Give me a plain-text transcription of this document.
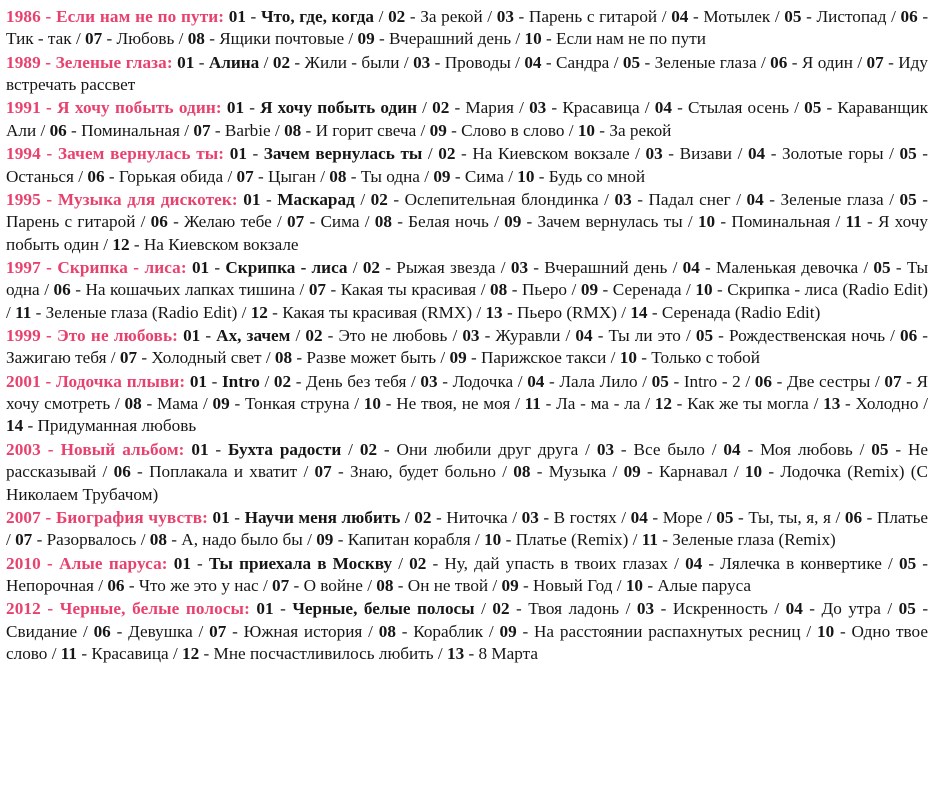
1986 - Если нам не по пути: 01 - Что, где, когда / 02 - За рекой / 03 - Парень с гитарой / 04 - Мотылек / 05 - Листопад / 06 - Тик - так / 07 - Любовь / 08 - Ящики почтовые / 09 - Вчерашний день / 10 - Если нам не по пути
1989 - Зеленые глаза: 01 - Алина / 02 - Жили - были / 03 - Проводы / 04 - Сандра / 05 - Зеленые глаза / 06 - Я один / 07 - Иду встречать рассвет
1991 - Я хочу побыть один: 01 - Я хочу побыть один / 02 - Мария / 03 - Красавица / 04 - Стылая осень / 05 - Караванщик Али / 06 - Поминальная / 07 - Barbie / 08 - И горит свеча / 09 - Слово в слово / 10 - За рекой
1994 - Зачем вернулась ты: 01 - Зачем вернулась ты / 02 - На Киевском вокзале / 03 - Визави / 04 - Золотые горы / 05 - Останься / 06 - Горькая обида / 07 - Цыган / 08 - Ты одна / 09 - Сима / 10 - Будь со мной
1995 - Музыка для дискотек: 01 - Маскарад / 02 - Ослепительная блондинка / 03 - Падал снег / 04 - Зеленые глаза / 05 - Парень с гитарой / 06 - Желаю тебе / 07 - Сима / 08 - Белая ночь / 09 - Зачем вернулась ты / 10 - Поминальная / 11 - Я хочу побыть один / 12 - На Киевском вокзале
1997 - Скрипка - лиса: 01 - Скрипка - лиса / 02 - Рыжая звезда / 03 - Вчерашний день / 04 - Маленькая девочка / 05 - Ты одна / 06 - На кошачьих лапках тишина / 07 - Какая ты красивая / 08 - Пьеро / 09 - Серенада / 10 - Скрипка - лиса (Radio Edit) / 11 - Зеленые глаза (Radio Edit) / 12 - Какая ты красивая (RMX) / 13 - Пьеро (RMX) / 14 - Серенада (Radio Edit)
1999 - Это не любовь: 01 - Ах, зачем / 02 - Это не любовь / 03 - Журавли / 04 - Ты ли это / 05 - Рождественская ночь / 06 - Зажигаю тебя / 07 - Холодный свет / 08 - Разве может быть / 09 - Парижское такси / 10 - Только с тобой
2001 - Лодочка плыви: 01 - Intro / 02 - День без тебя / 03 - Лодочка / 04 - Лала Лило / 05 - Intro - 2 / 06 - Две сестры / 07 - Я хочу смотреть / 08 - Мама / 09 - Тонкая струна / 10 - Не твоя, не моя / 11 - Ла - ма - ла / 12 - Как же ты могла / 13 - Холодно / 14 - Придуманная любовь
2003 - Новый альбом: 01 - Бухта радости / 02 - Они любили друг друга / 03 - Все было / 04 - Моя любовь / 05 - Не рассказывай / 06 - Поплакала и хватит / 07 - Знаю, будет больно / 08 - Музыка / 09 - Карнавал / 10 - Лодочка (Remix) (С Николаем Трубачом)
2007 - Биография чувств: 01 - Научи меня любить / 02 - Ниточка / 03 - В гостях / 04 - Море / 05 - Ты, ты, я, я / 06 - Платье / 07 - Разорвалось / 08 - А, надо было бы / 09 - Капитан корабля / 10 - Платье (Remix) / 11 - Зеленые глаза (Remix)
2010 - Алые паруса: 01 - Ты приехала в Москву / 02 - Ну, дай упасть в твоих глазах / 04 - Лялечка в конвертике / 05 - Непорочная / 06 - Что же это у нас / 07 - О войне / 08 - Он не твой / 09 - Новый Год / 10 - Алые паруса
2012 - Черные, белые полосы: 01 - Черные, белые полосы / 02 - Твоя ладонь / 03 - Искренность / 04 - До утра / 05 - Свидание / 06 - Девушка / 07 - Южная история / 08 - Кораблик / 09 - На расстоянии распахнутых ресниц / 10 - Одно твое слово / 11 - Красавица / 12 - Мне посчастливилось любить / 13 - 8 Марта
